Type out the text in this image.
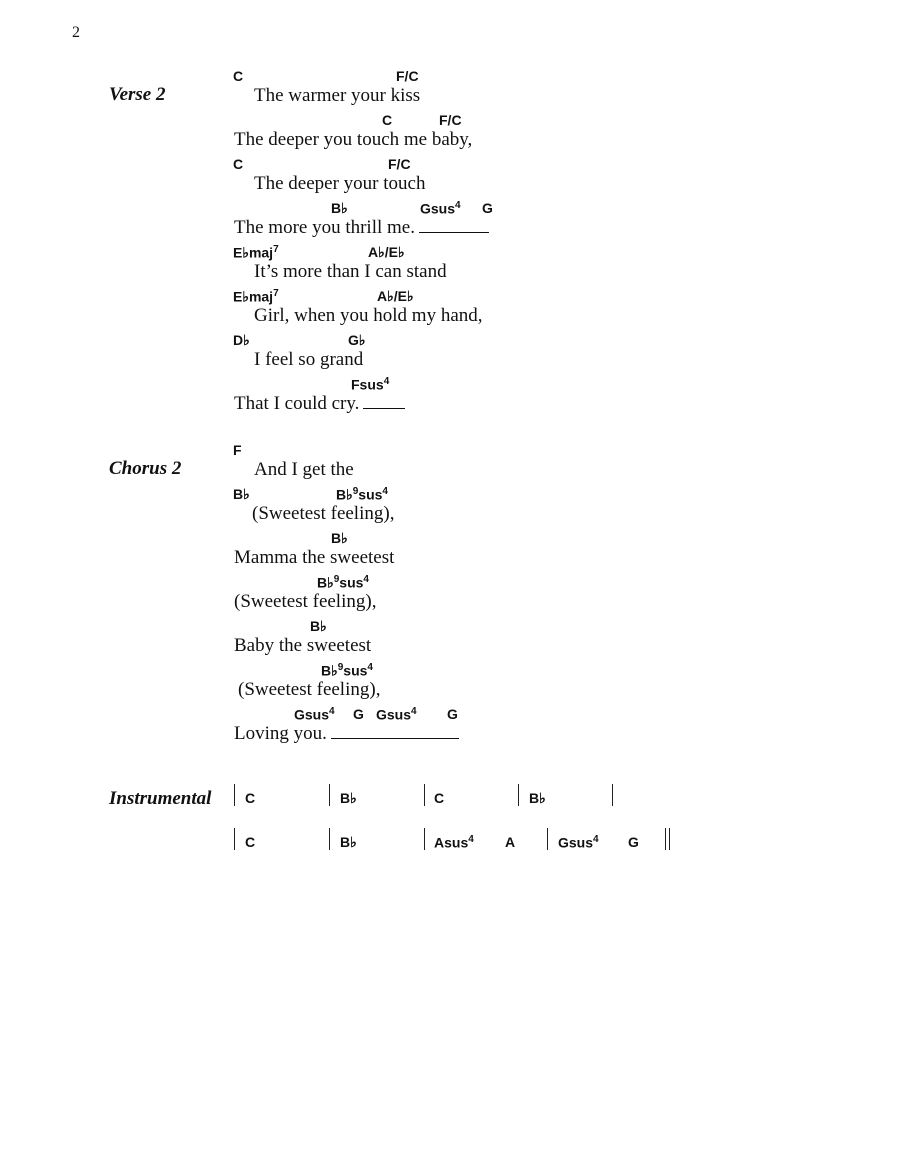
2
Verse 2
C	F/C
The warmer your kiss
C	F/C
The deeper you touch me baby,
C	F/C
The deeper your touch
B♭	Gsus$^4$ G
The more you thrill me.
E♭maj$^7$	A♭/E♭
It’s more than I can stand
E♭maj$^7$	A♭/E♭
Girl, when you hold my hand,
D♭	G♭
I feel so grand
Fsus$^4$
That I could cry.
Chorus 2
F
And I get the
B♭	B♭$^9$sus$^4$
(Sweetest feeling),
B♭
Mamma the sweetest
B♭$^9$sus$^4$
(Sweetest feeling),
B♭
Baby the sweetest
B♭$^9$sus$^4$
(Sweetest feeling),
Gsus$^4$ G Gsus$^4$ G
Loving you.
Instrumental C	B♭	C	B♭
C	B♭	Asus$^4$ A	Gsus$^4$ G
